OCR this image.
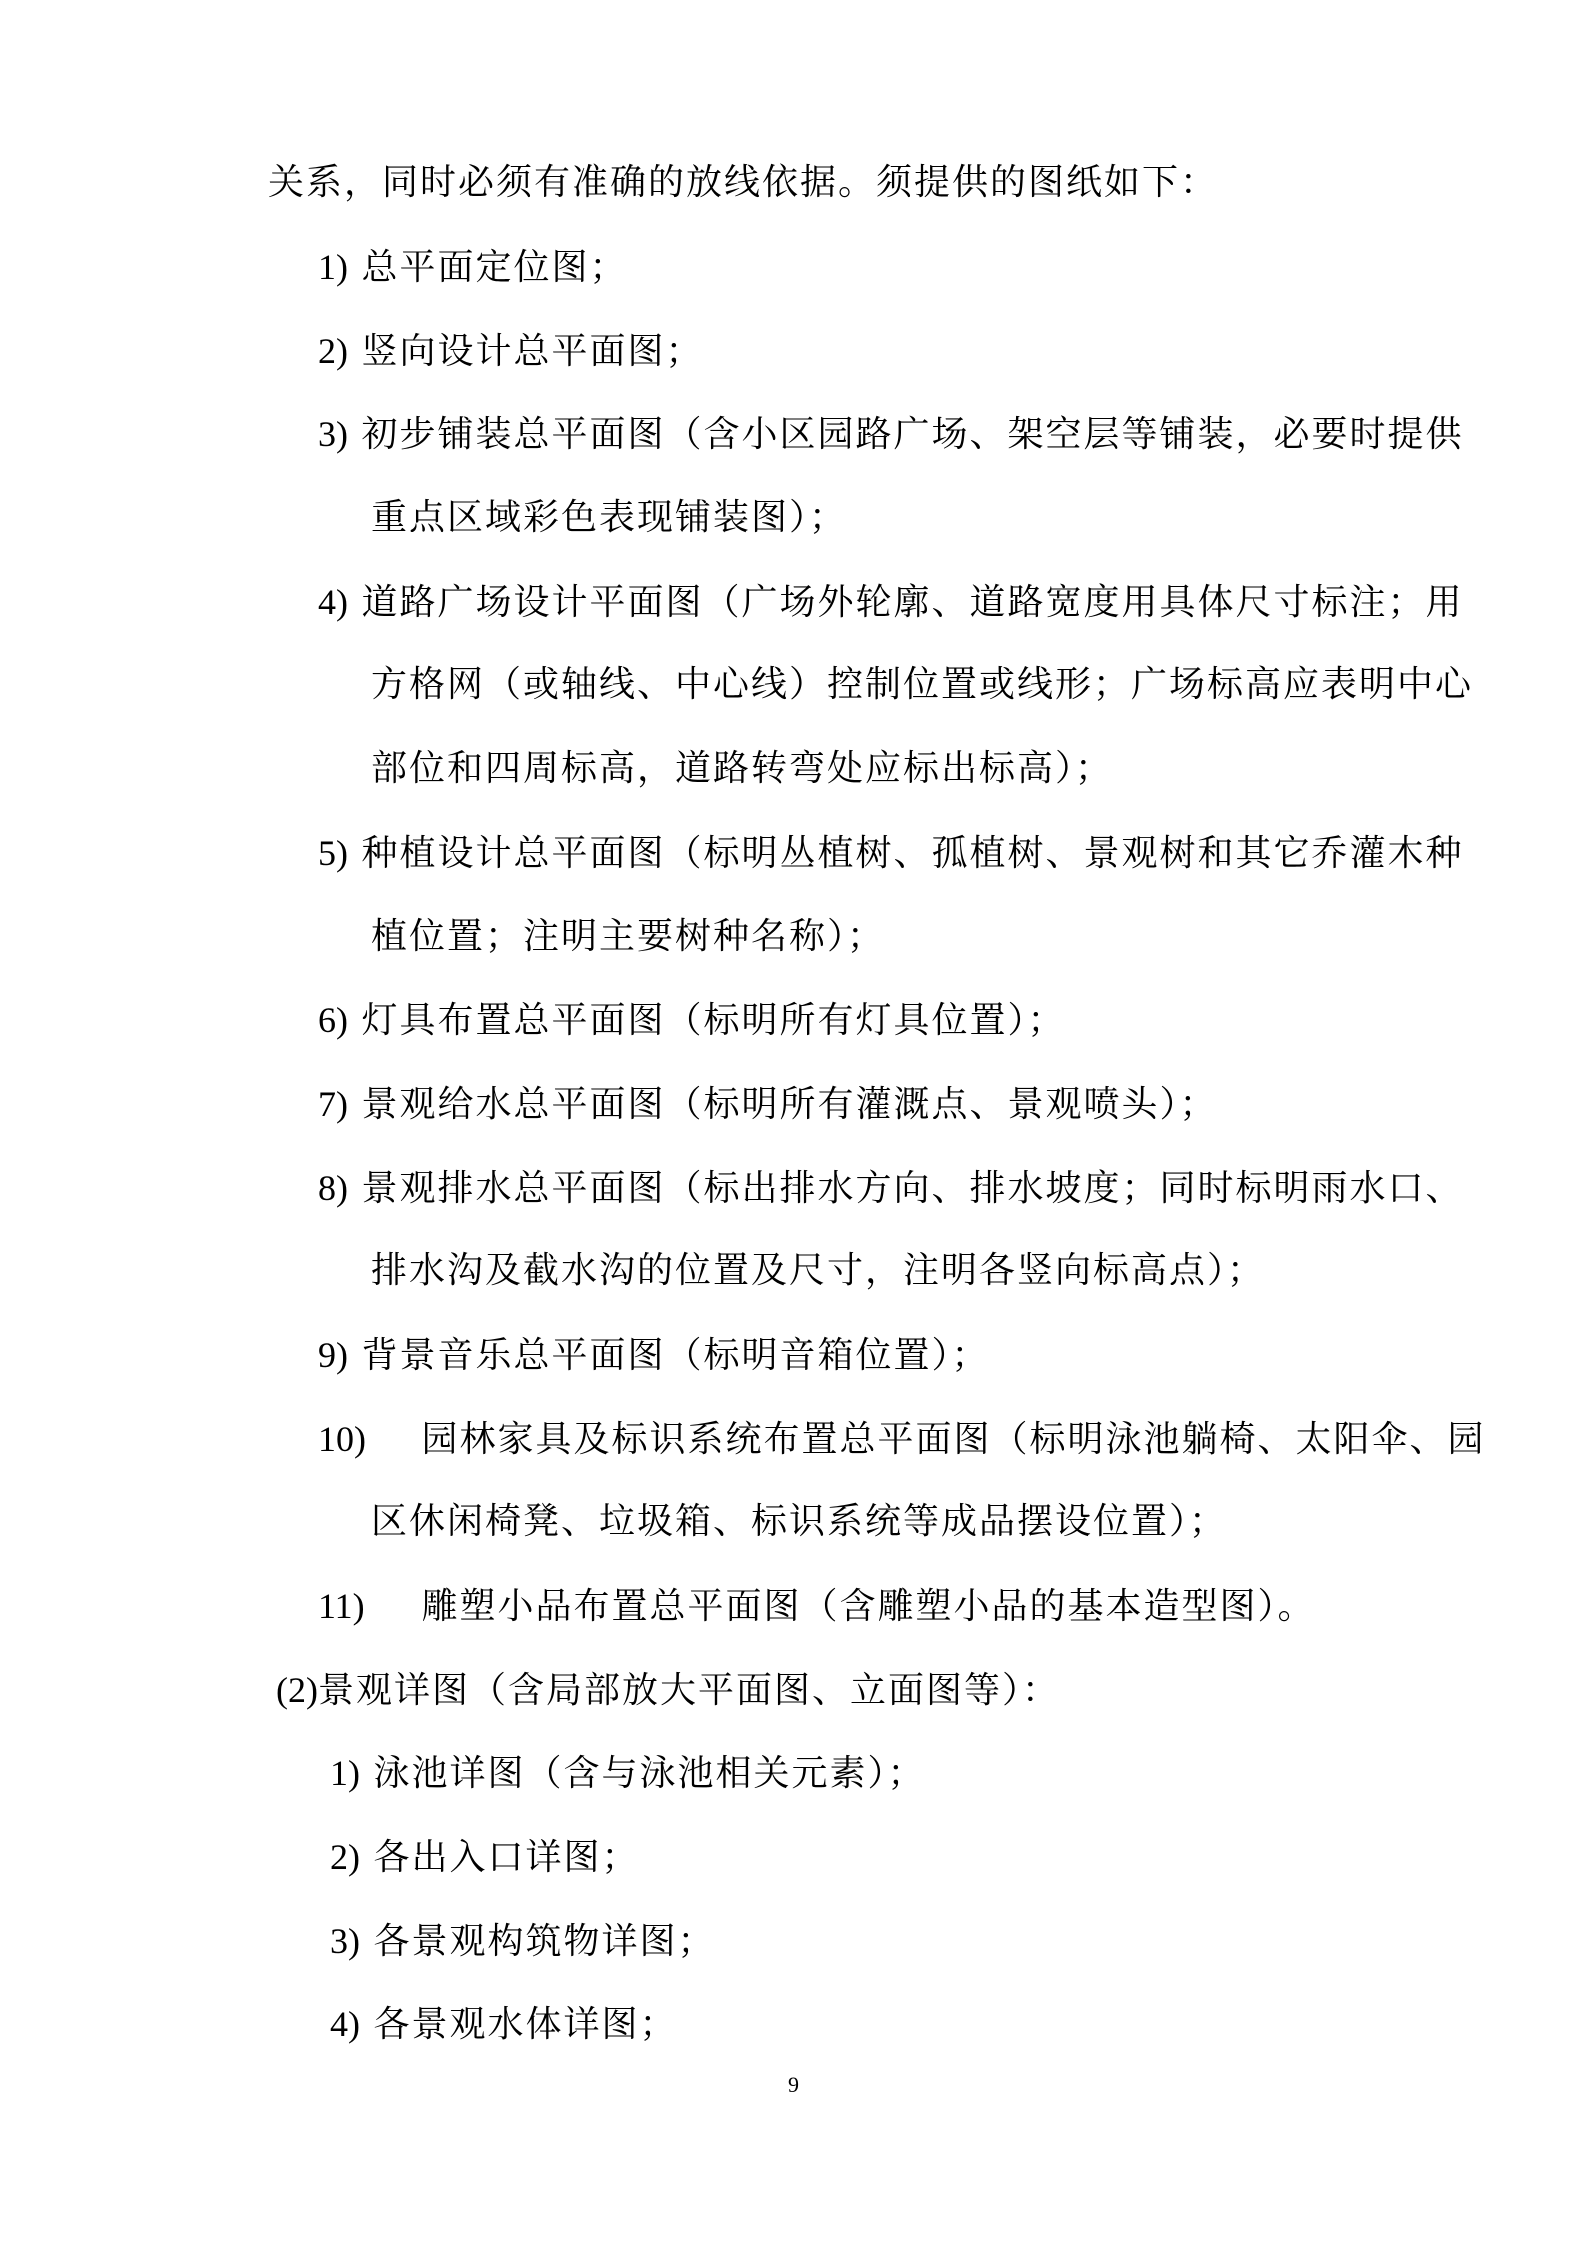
关系，同时必须有准确的放线依据。须提供的图纸如下：
1) 总平面定位图；
2) 竖向设计总平面图；
3) 初步铺装总平面图（含小区园路广场、架空层等铺装，必要时提供
重点区域彩色表现铺装图）；
4) 道路广场设计平面图（广场外轮廓、道路宽度用具体尺寸标注；用
方格网（或轴线、中心线）控制位置或线形；广场标高应表明中心
部位和四周标高，道路转弯处应标出标高）；
5) 种植设计总平面图（标明丛植树、孤植树、景观树和其它乔灌木种
植位置；注明主要树种名称）；
6) 灯具布置总平面图（标明所有灯具位置）；
7) 景观给水总平面图（标明所有灌溉点、景观喷头）；
8) 景观排水总平面图（标出排水方向、排水坡度；同时标明雨水口、
排水沟及截水沟的位置及尺寸，注明各竖向标高点）；
9) 背景音乐总平面图（标明音箱位置）；
10) 园林家具及标识系统布置总平面图（标明泳池躺椅、太阳伞、园
区休闲椅凳、垃圾箱、标识系统等成品摆设位置）；
11) 雕塑小品布置总平面图（含雕塑小品的基本造型图）。
(2)景观详图（含局部放大平面图、立面图等）：
1) 泳池详图（含与泳池相关元素）；
2) 各出入口详图；
3) 各景观构筑物详图；
4) 各景观水体详图；
9
